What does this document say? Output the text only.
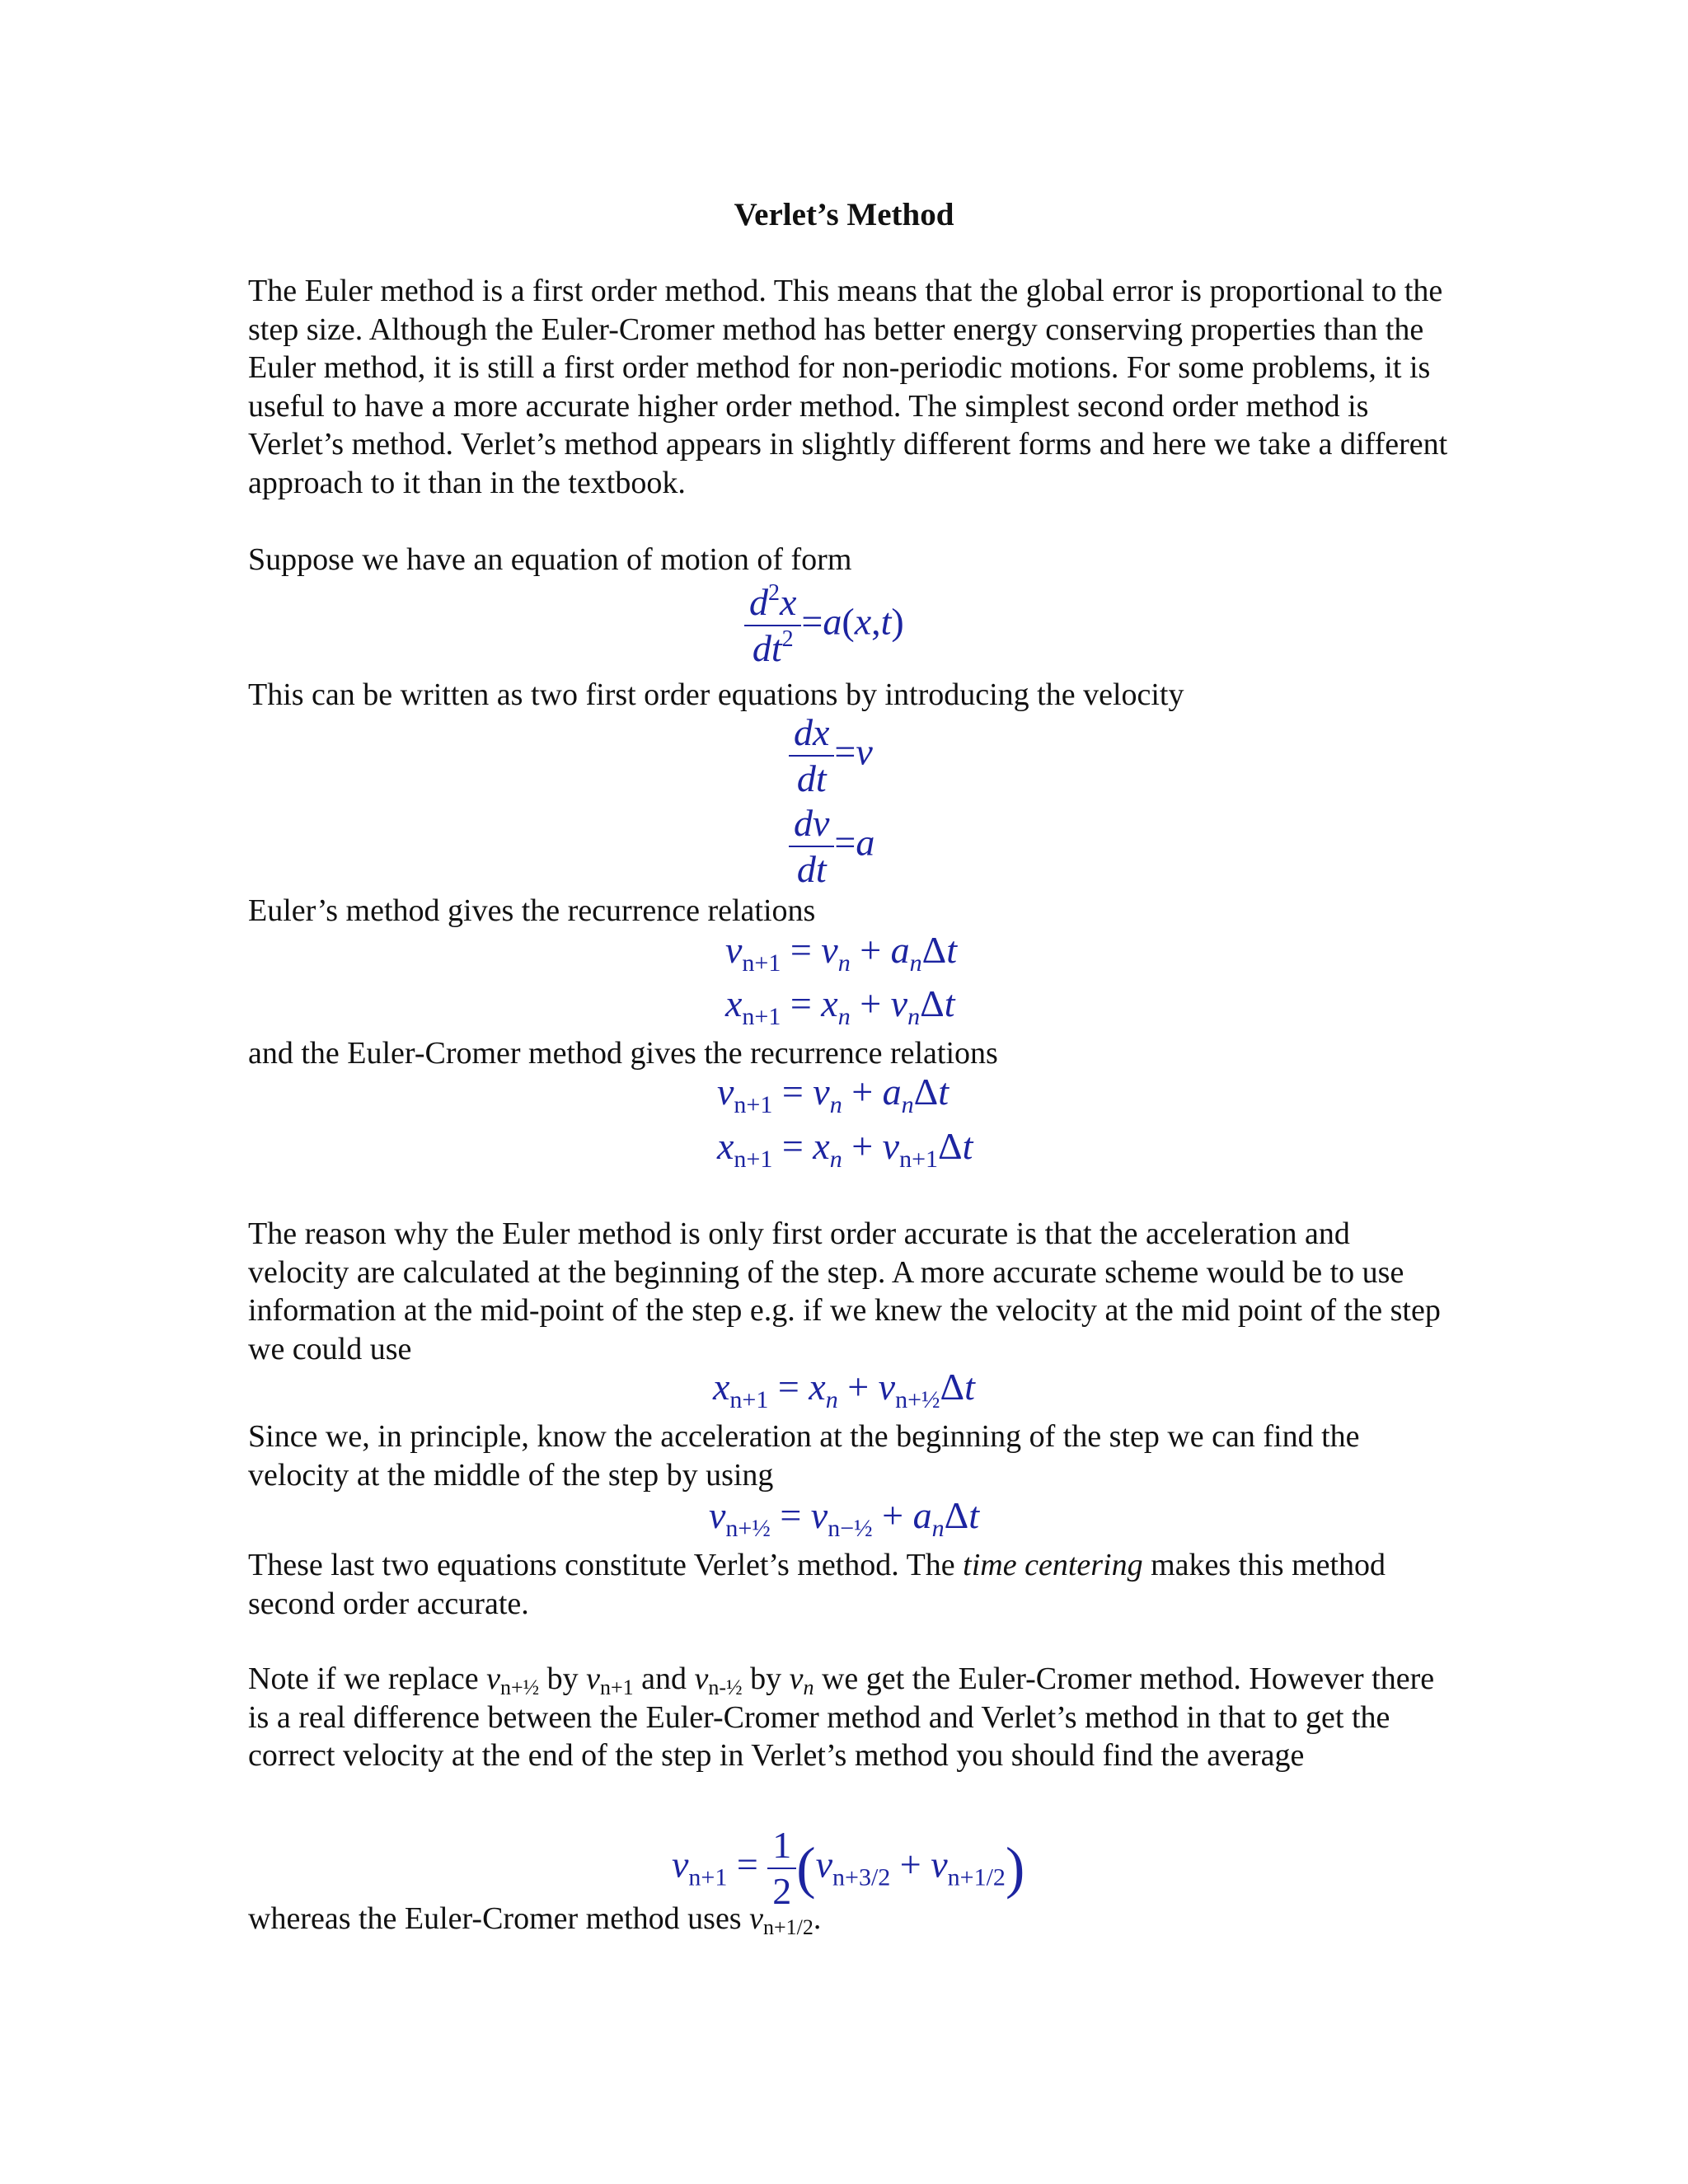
Verlet’s Method

The Euler method is a first order method. This means that the global error is proportional to the step size. Although the Euler-Cromer method has better energy conserving properties than the Euler method, it is still a first order method for non-periodic motions. For some problems, it is useful to have a more accurate higher order method. The simplest second order method is Verlet’s method. Verlet’s method appears in slightly different forms and here we take a different approach to it than in the textbook.

Suppose we have an equation of motion of form

$\frac{d^2x}{dt^2} =a(x,t)$

This can be written as two first order equations by introducing the velocity

$\frac{dx}{dt} =v$
$\frac{dv}{dt} =a$

Euler’s method gives the recurrence relations

$v_{n+1} = v_n + a_n\Delta t$
$x_{n+1} = x_n + v_n\Delta t$

and the Euler-Cromer method gives the recurrence relations

$v_{n+1} = v_n + a_n\Delta t$
$x_{n+1} = x_n + v_{n+1}\Delta t$

The reason why the Euler method is only first order accurate is that the acceleration and velocity are calculated at the beginning of the step. A more accurate scheme would be to use information at the mid-point of the step e.g. if we knew the velocity at the mid point of the step we could use

$x_{n+1} = x_n + v_{n+\frac{1}{2}}\Delta t$

Since we, in principle, know the acceleration at the beginning of the step we can find the velocity at the middle of the step by using

$v_{n+\frac{1}{2}} = v_{n-\frac{1}{2}} + a_n\Delta t$

These last two equations constitute Verlet’s method. The time centering makes this method second order accurate.

Note if we replace $v_{n+\frac{1}{2}}$ by $v_{n+1}$ and $v_{n-\frac{1}{2}}$ by $v_n$ we get the Euler-Cromer method. However there is a real difference between the Euler-Cromer method and Verlet’s method in that to get the correct velocity at the end of the step in Verlet’s method you should find the average

$v_{n+1} = \frac{1}{2} (v_{n+3/2} + v_{n+1/2})$

whereas the Euler-Cromer method uses $v_{n+1/2}$.
